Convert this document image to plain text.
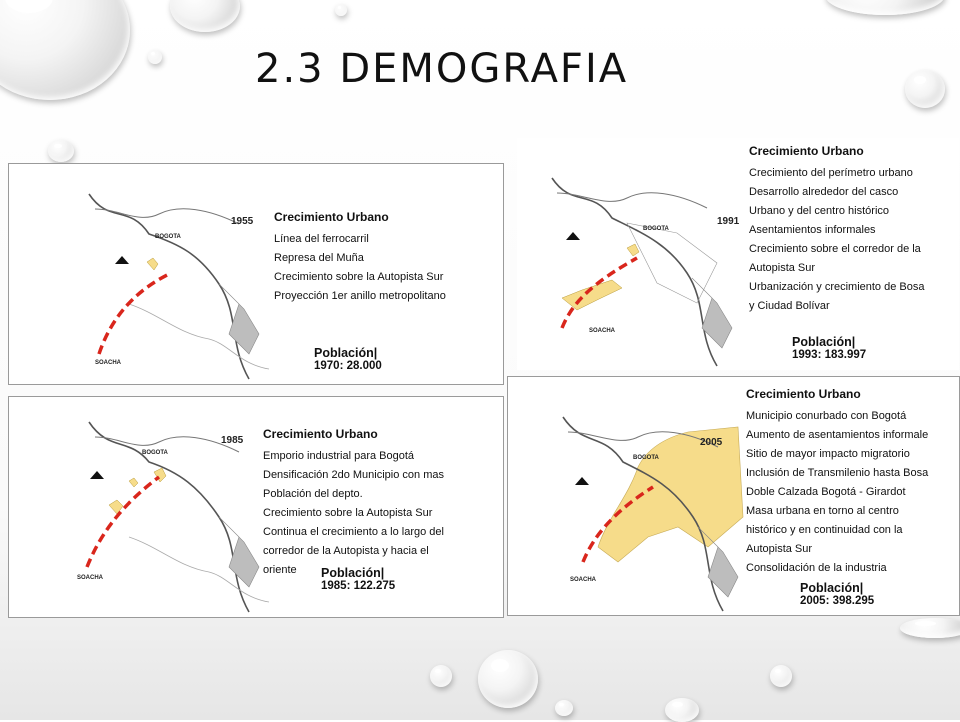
2.3 DEMOGRAFIA
1955
BOGOTA
SOACHA

Crecimiento Urbano

Línea del ferrocarril
Represa del Muña
Crecimiento sobre la Autopista Sur
Proyección 1er anillo metropolitano
Población|
1970: 28.000
1991
BOGOTA
SOACHA

Crecimiento Urbano

Crecimiento del perímetro urbano
Desarrollo alrededor del casco
Urbano y del centro histórico
Asentamientos informales
Crecimiento sobre el corredor de la
Autopista Sur
Urbanización y crecimiento de Bosa
y Ciudad Bolívar
Población|
1993: 183.997
1985
BOGOTA
SOACHA

Crecimiento Urbano

Emporio industrial para Bogotá
Densificación 2do Municipio con mas
Población del depto.
Crecimiento sobre la Autopista Sur
Continua el crecimiento a lo largo del
corredor de la Autopista y hacia el
oriente	Población|
1985: 122.275
2005
BOGOTA
SOACHA

Crecimiento Urbano

Municipio conurbado con Bogotá
Aumento de asentamientos informale
Sitio de mayor impacto migratorio
Inclusión de Transmilenio hasta Bosa
Doble Calzada Bogotá - Girardot
Masa urbana en torno al centro
histórico y en continuidad con la
Autopista Sur
Consolidación de la industria
Población|
2005: 398.295
